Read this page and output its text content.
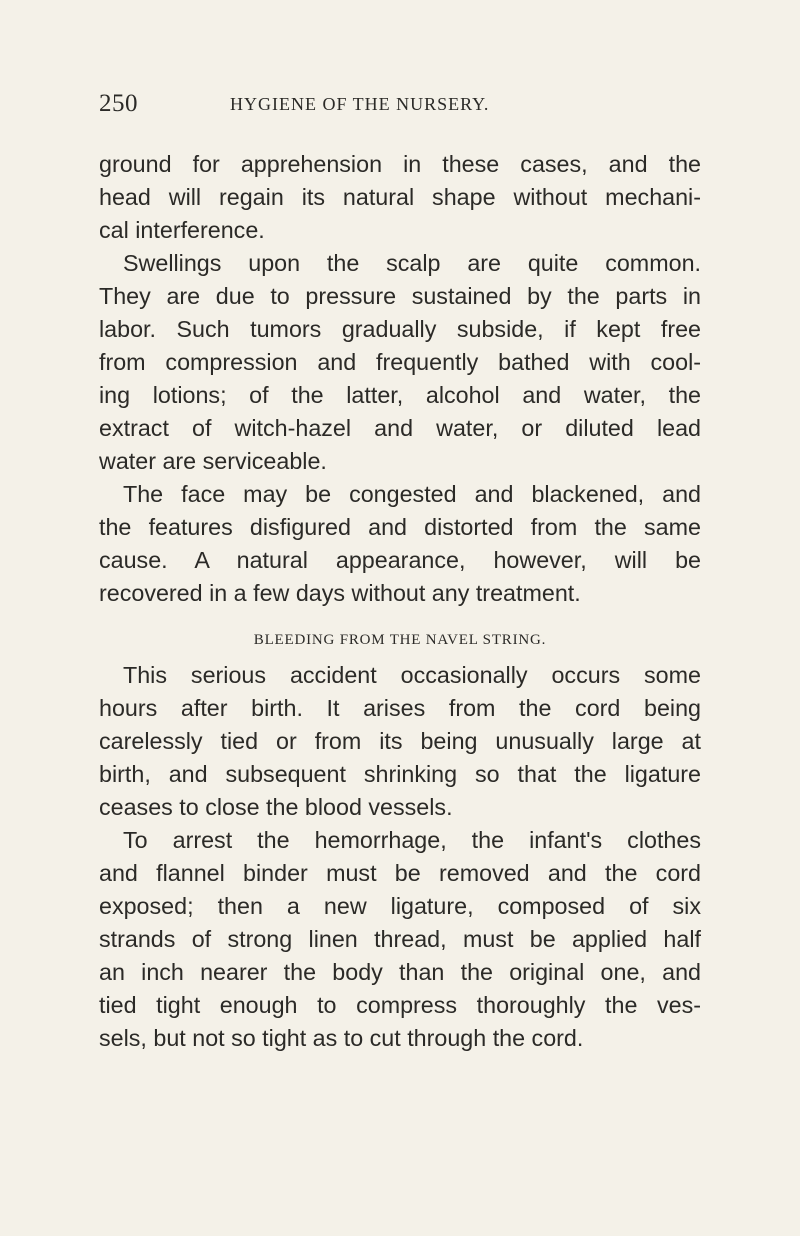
250	HYGIENE OF THE NURSERY.
ground for apprehension in these cases, and the
head will regain its natural shape without mechani-
cal interference.
Swellings upon the scalp are quite common.
They are due to pressure sustained by the parts in
labor. Such tumors gradually subside, if kept free
from compression and frequently bathed with cool-
ing lotions; of the latter, alcohol and water, the
extract of witch-hazel and water, or diluted lead
water are serviceable.
The face may be congested and blackened, and
the features disfigured and distorted from the same
cause. A natural appearance, however, will be
recovered in a few days without any treatment.
BLEEDING FROM THE NAVEL STRING.
This serious accident occasionally occurs some
hours after birth. It arises from the cord being
carelessly tied or from its being unusually large at
birth, and subsequent shrinking so that the ligature
ceases to close the blood vessels.
To arrest the hemorrhage, the infant's clothes
and flannel binder must be removed and the cord
exposed; then a new ligature, composed of six
strands of strong linen thread, must be applied half
an inch nearer the body than the original one, and
tied tight enough to compress thoroughly the ves-
sels, but not so tight as to cut through the cord.
